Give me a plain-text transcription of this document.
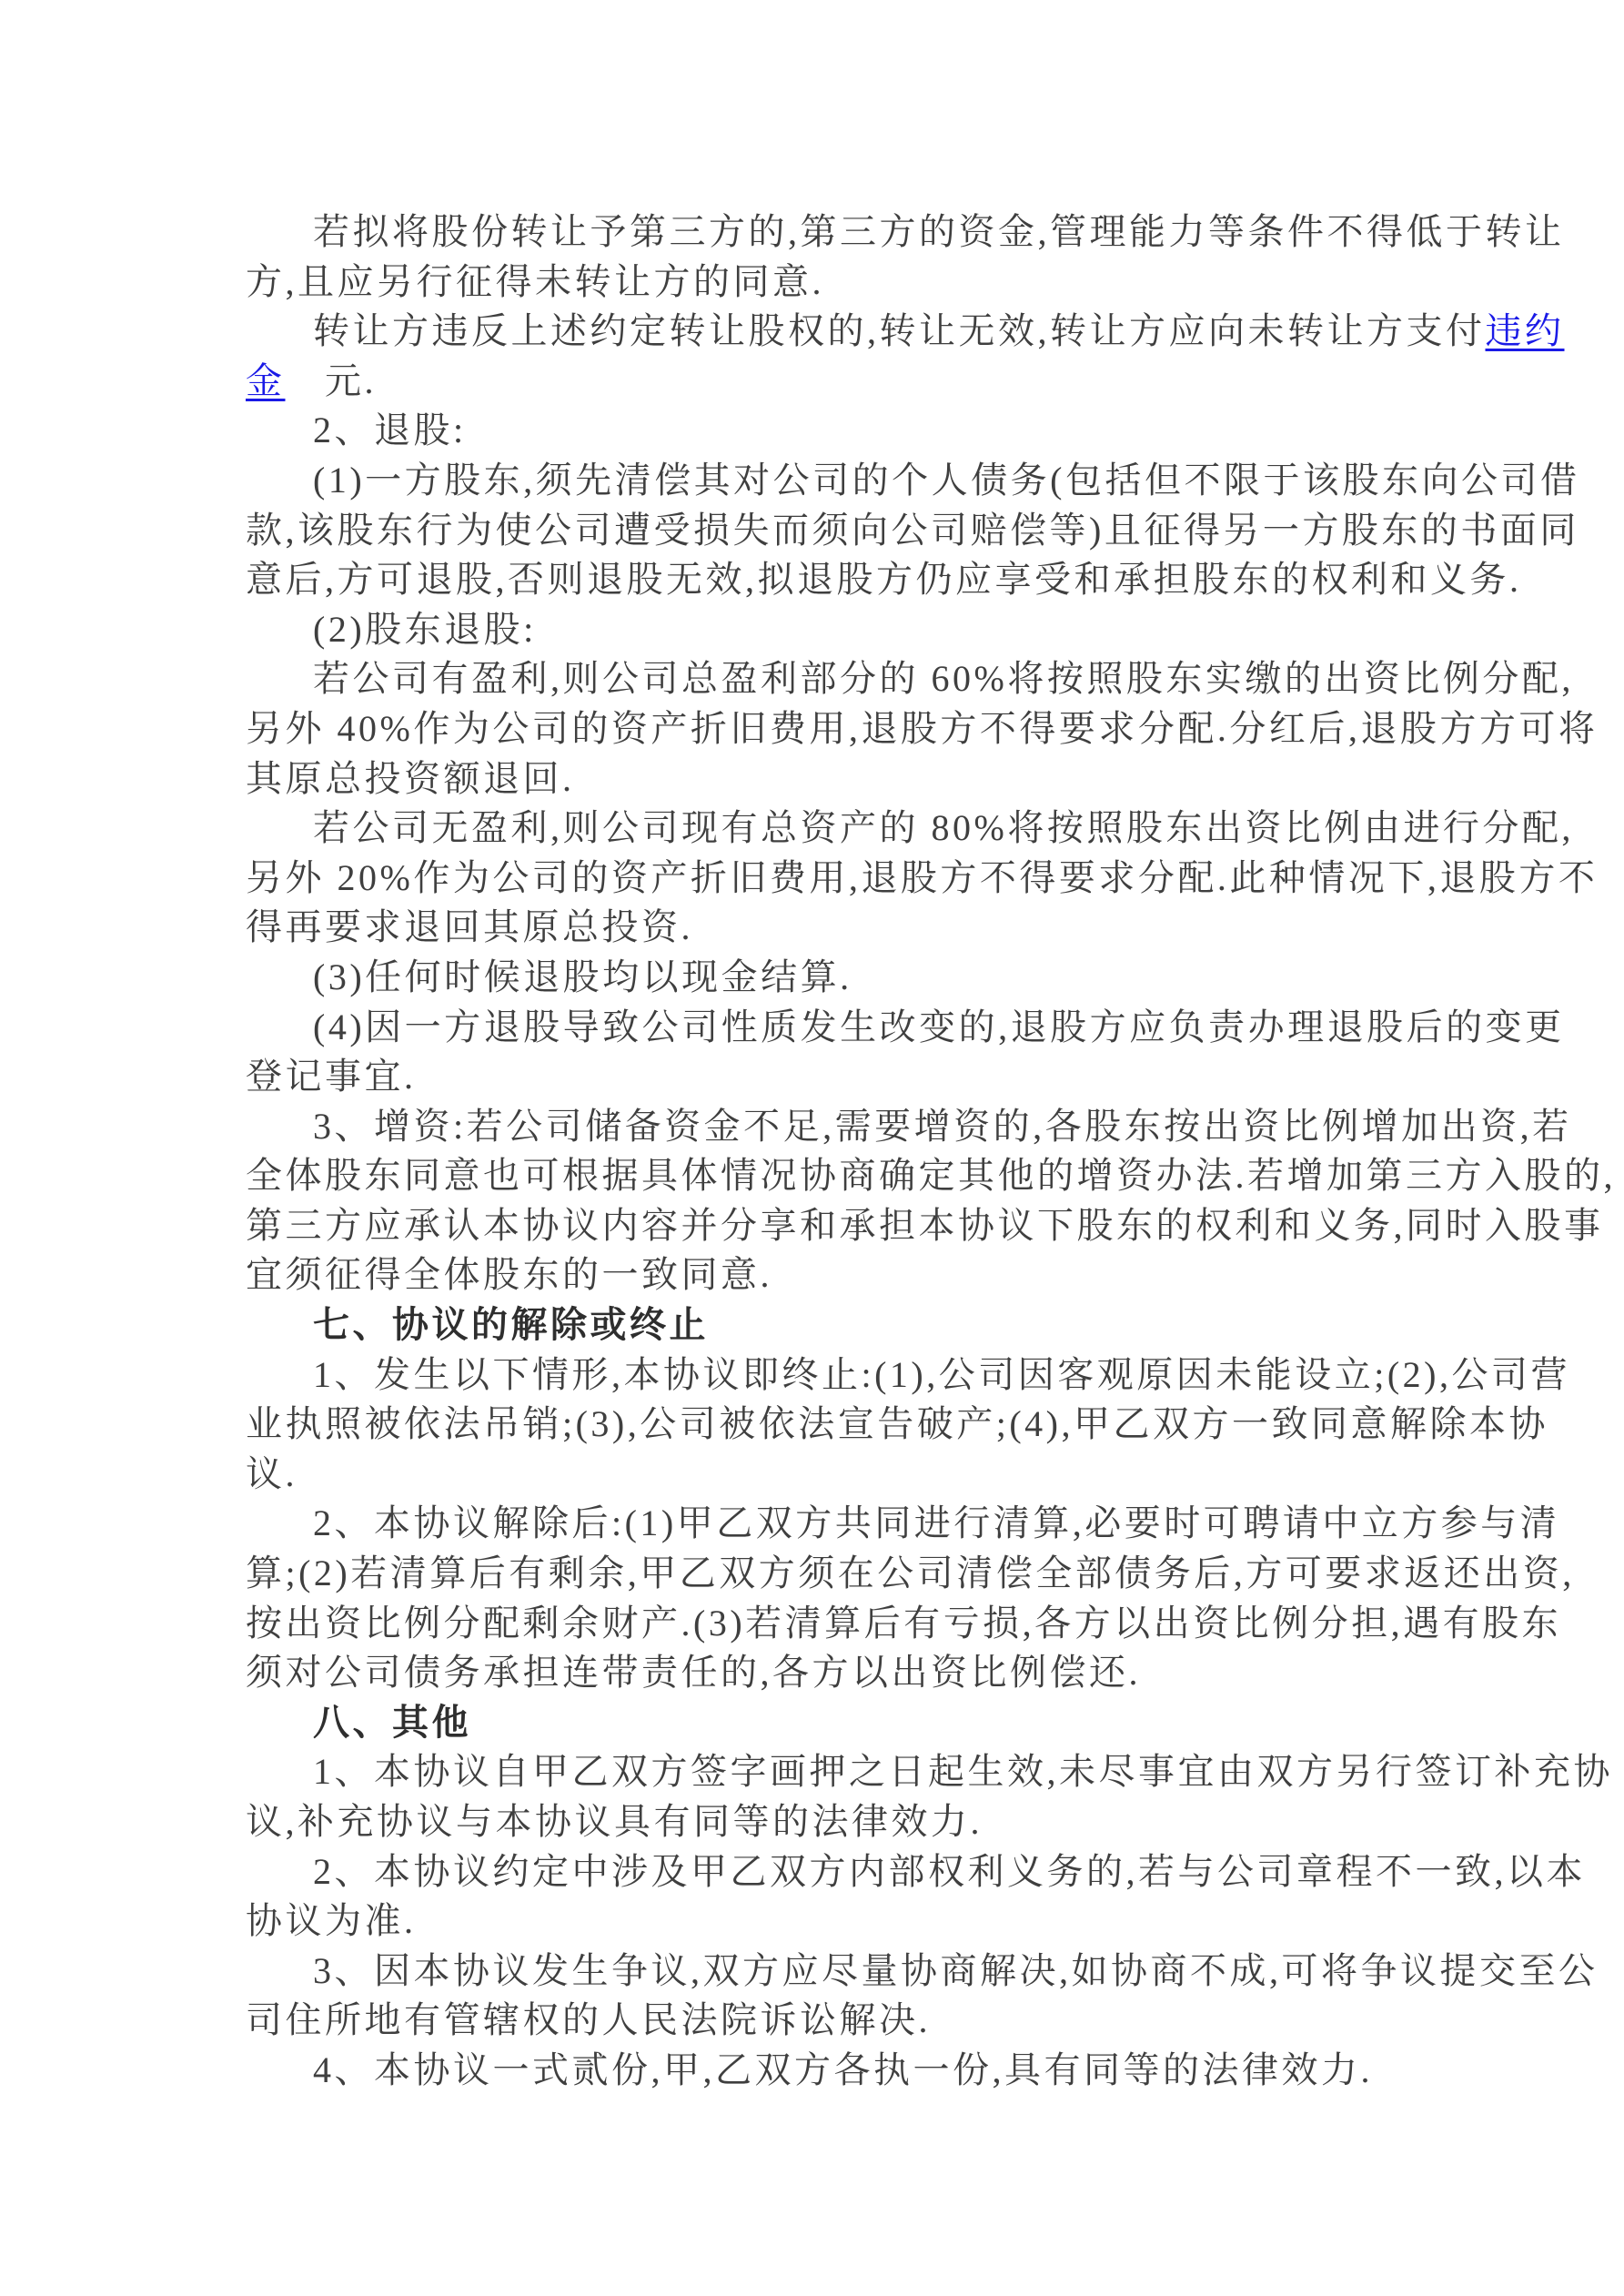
若拟将股份转让予第三方的,第三方的资金,管理能力等条件不得低于转让
方,且应另行征得未转让方的同意.
转让方违反上述约定转让股权的,转让无效,转让方应向未转让方支付违约
金　元.
2、退股:
(1)一方股东,须先清偿其对公司的个人债务(包括但不限于该股东向公司借
款,该股东行为使公司遭受损失而须向公司赔偿等)且征得另一方股东的书面同
意后,方可退股,否则退股无效,拟退股方仍应享受和承担股东的权利和义务.
(2)股东退股:
若公司有盈利,则公司总盈利部分的 60%将按照股东实缴的出资比例分配,
另外 40%作为公司的资产折旧费用,退股方不得要求分配.分红后,退股方方可将
其原总投资额退回.
若公司无盈利,则公司现有总资产的 80%将按照股东出资比例由进行分配,
另外 20%作为公司的资产折旧费用,退股方不得要求分配.此种情况下,退股方不
得再要求退回其原总投资.
(3)任何时候退股均以现金结算.
(4)因一方退股导致公司性质发生改变的,退股方应负责办理退股后的变更
登记事宜.
3、增资:若公司储备资金不足,需要增资的,各股东按出资比例增加出资,若
全体股东同意也可根据具体情况协商确定其他的增资办法.若增加第三方入股的,
第三方应承认本协议内容并分享和承担本协议下股东的权利和义务,同时入股事
宜须征得全体股东的一致同意.
七、协议的解除或终止
1、发生以下情形,本协议即终止:(1),公司因客观原因未能设立;(2),公司营
业执照被依法吊销;(3),公司被依法宣告破产;(4),甲乙双方一致同意解除本协
议.
2、本协议解除后:(1)甲乙双方共同进行清算,必要时可聘请中立方参与清
算;(2)若清算后有剩余,甲乙双方须在公司清偿全部债务后,方可要求返还出资,
按出资比例分配剩余财产.(3)若清算后有亏损,各方以出资比例分担,遇有股东
须对公司债务承担连带责任的,各方以出资比例偿还.
八、其他
1、本协议自甲乙双方签字画押之日起生效,未尽事宜由双方另行签订补充协
议,补充协议与本协议具有同等的法律效力.
2、本协议约定中涉及甲乙双方内部权利义务的,若与公司章程不一致,以本
协议为准.
3、因本协议发生争议,双方应尽量协商解决,如协商不成,可将争议提交至公
司住所地有管辖权的人民法院诉讼解决.
4、本协议一式贰份,甲,乙双方各执一份,具有同等的法律效力.
